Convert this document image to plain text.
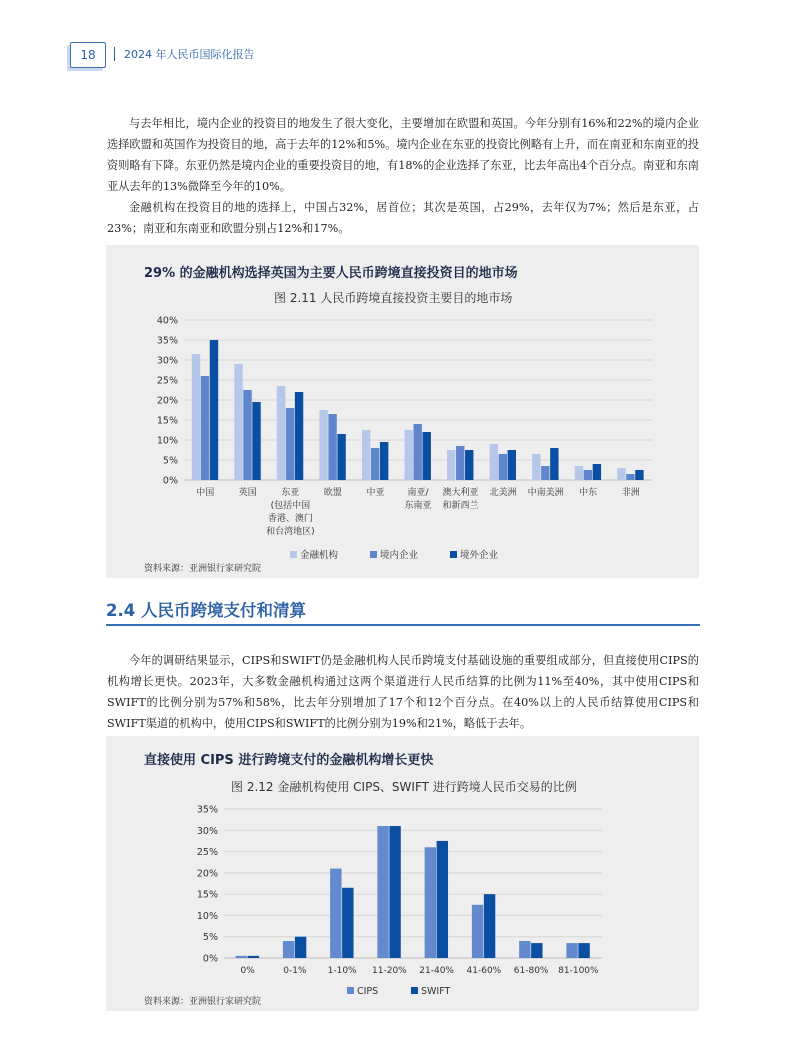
18	2024 年人民币国际化报告

与去年相比，境内企业的投资目的地发生了很大变化，主要增加在欧盟和英国。今年分别有16%和22%的境内企业选择欧盟和英国作为投资目的地，高于去年的12%和5%。境内企业在东亚的投资比例略有上升，而在南亚和东南亚的投资则略有下降。东亚仍然是境内企业的重要投资目的地，有18%的企业选择了东亚，比去年高出4个百分点。南亚和东南亚从去年的13%微降至今年的10%。

金融机构在投资目的地的选择上，中国占32%，居首位；其次是英国，占29%，去年仅为7%；然后是东亚，占23%；南亚和东南亚和欧盟分别占12%和17%。

29% 的金融机构选择英国为主要人民币跨境直接投资目的地市场
图 2.11 人民币跨境直接投资主要目的地市场
0%
5%
10%
15%
20%
25%
30%
35%
40%
中国	英国	东亚
(包括中国
香港、澳门
和台湾地区)
欧盟	中亚	南亚/
东南亚
澳大利亚
和新西兰
北美洲 中南美洲 中东	非洲
金融机构	境内企业	境外企业
资料来源：亚洲银行家研究院
2.4 人民币跨境支付和清算

今年的调研结果显示，CIPS和SWIFT仍是金融机构人民币跨境支付基础设施的重要组成部分，但直接使用CIPS的机构增长更快。2023年，大多数金融机构通过这两个渠道进行人民币结算的比例为11%至40%，其中使用CIPS和SWIFT的比例分别为57%和58%，比去年分别增加了17个和12个百分点。在40%以上的人民币结算使用CIPS和SWIFT渠道的机构中，使用CIPS和SWIFT的比例分别为19%和21%，略低于去年。

直接使用 CIPS 进行跨境支付的金融机构增长更快
图 2.12 金融机构使用 CIPS、SWIFT 进行跨境人民币交易的比例
0%
5%
10%
15%
20%
25%
30%
35%
0%	0-1% 1-10% 11-20% 21-40% 41-60% 61-80% 81-100%
CIPS	SWIFT
资料来源：亚洲银行家研究院
